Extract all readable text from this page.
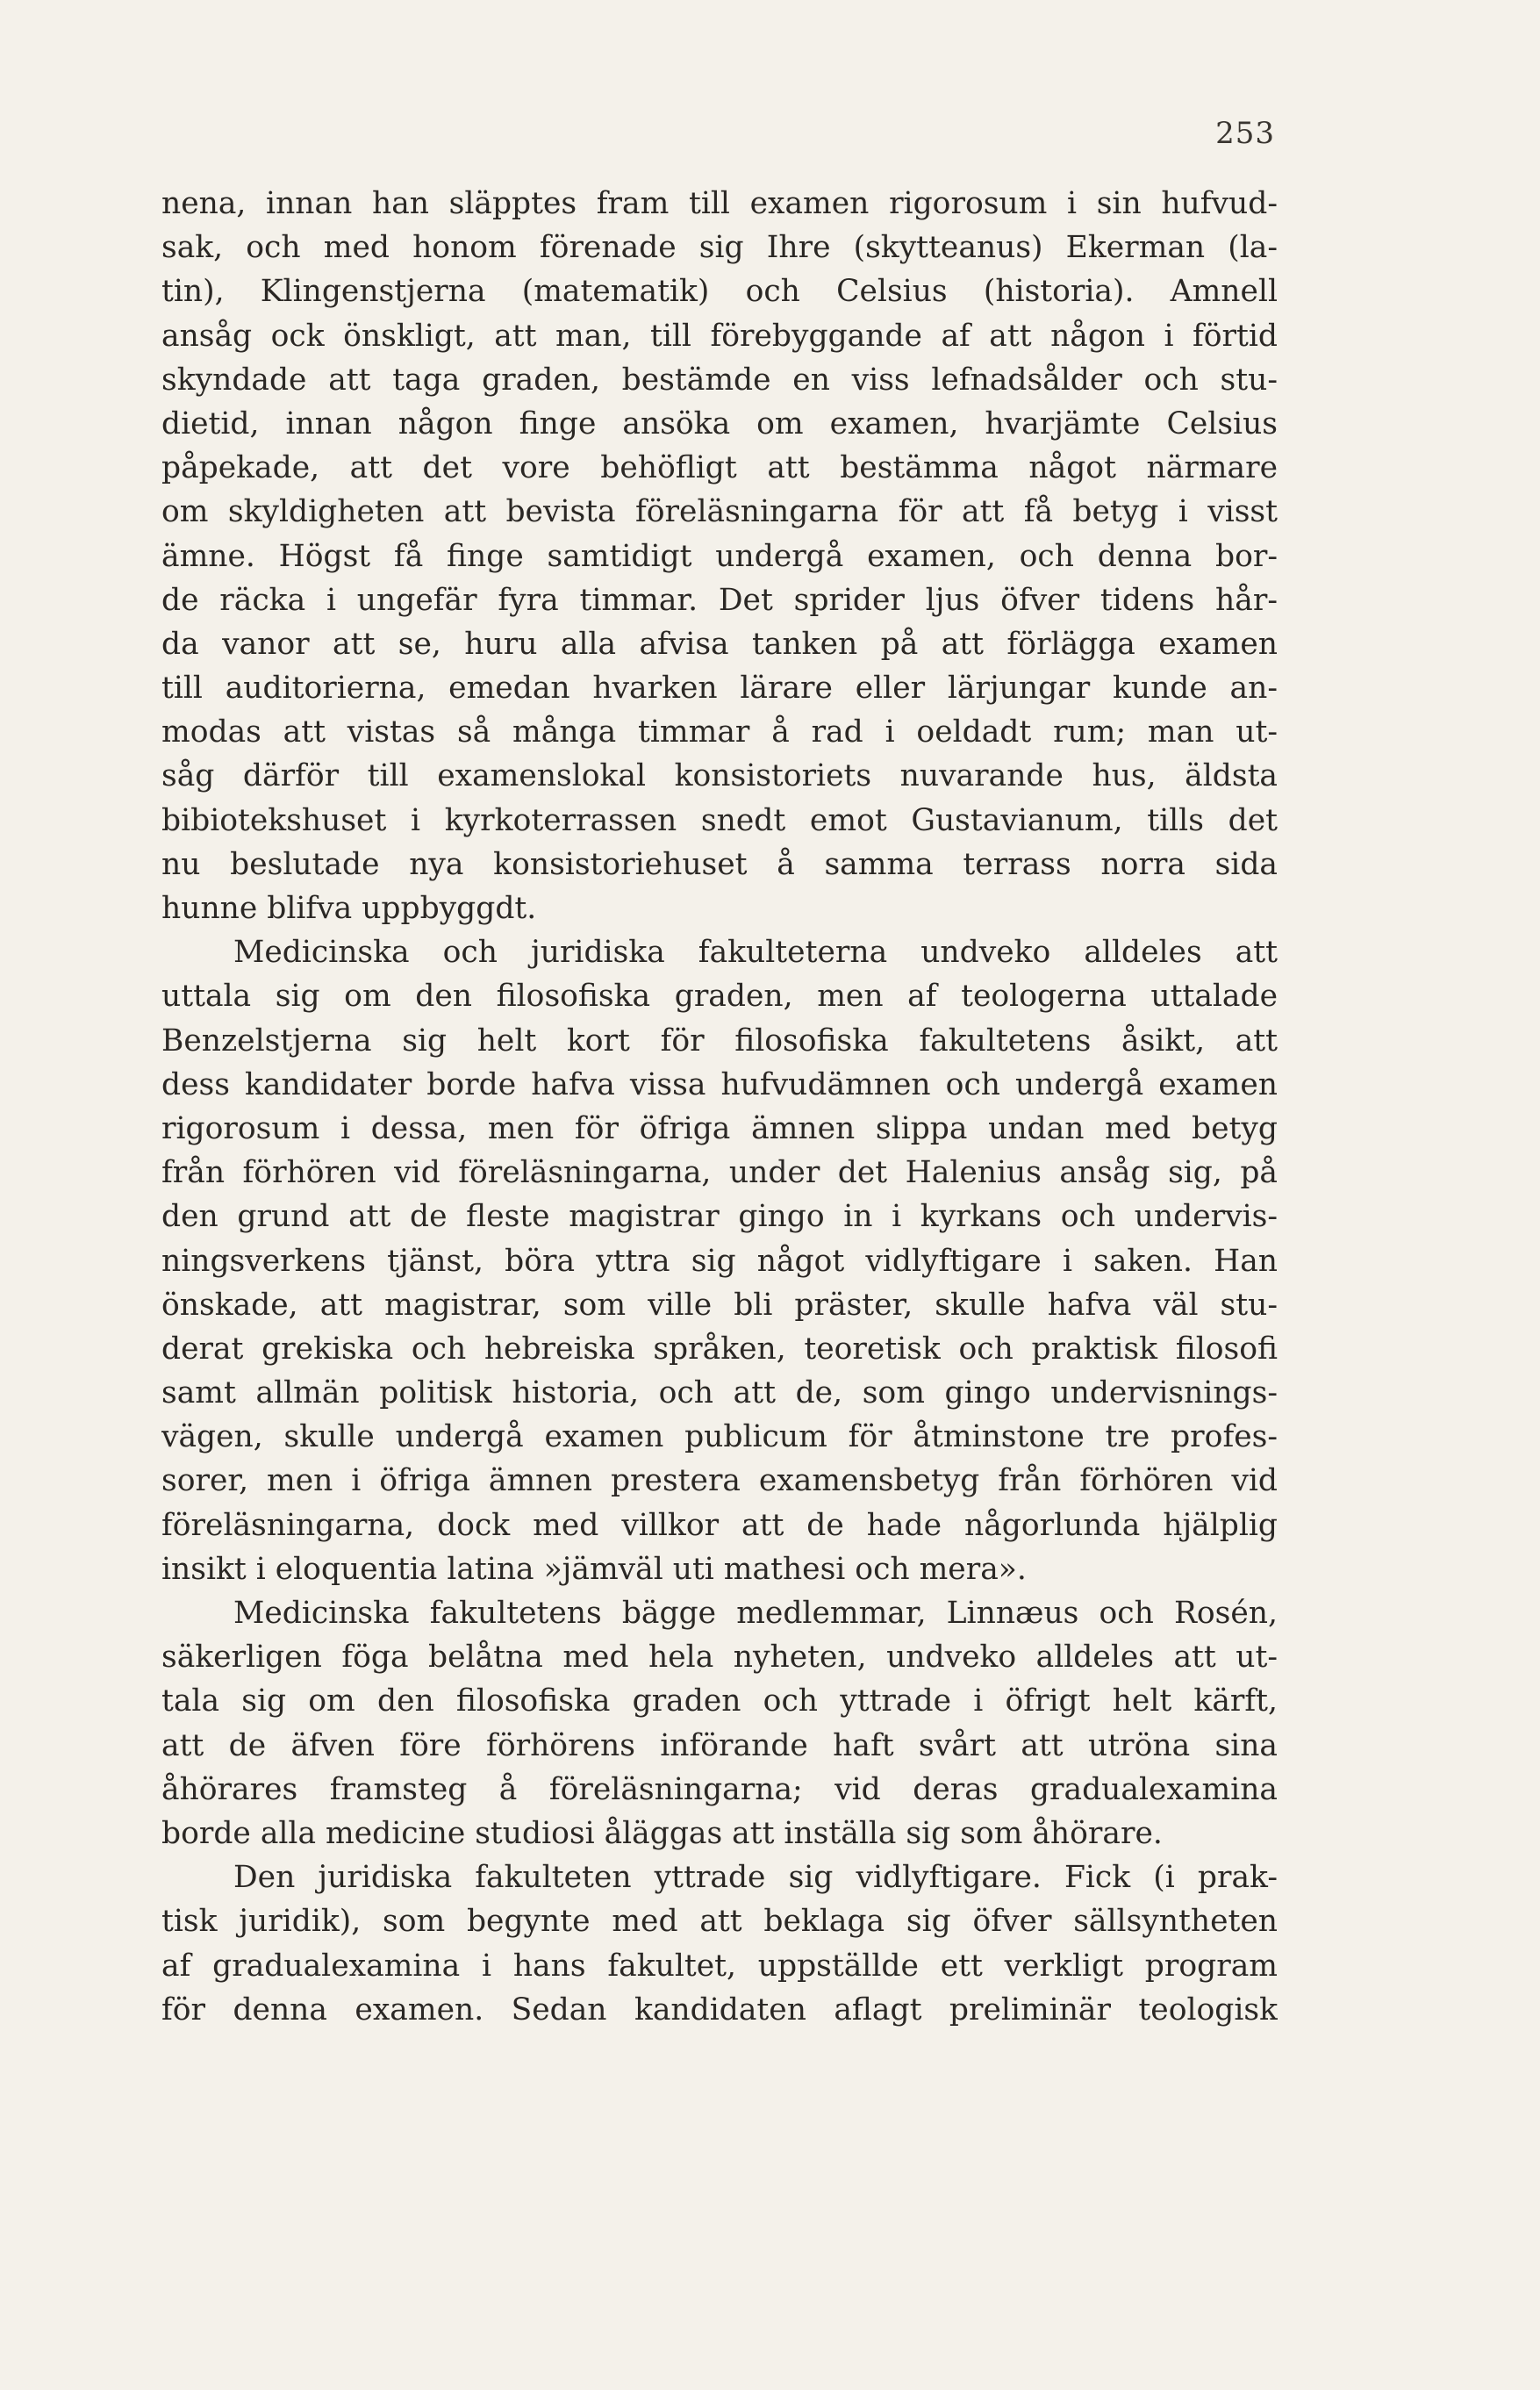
253
nena, innan han släpptes fram till examen rigorosum i sin hufvud-
sak, och med honom förenade sig Ihre (skytteanus) Ekerman (la-
tin), Klingenstjerna (matematik) och Celsius (historia). Amnell
ansåg ock önskligt, att man, till förebyggande af att någon i förtid
skyndade att taga graden, bestämde en viss lefnadsålder och stu-
dietid, innan någon finge ansöka om examen, hvarjämte Celsius
påpekade, att det vore behöfligt att bestämma något närmare
om skyldigheten att bevista föreläsningarna för att få betyg i visst
ämne. Högst få finge samtidigt undergå examen, och denna bor-
de räcka i ungefär fyra timmar. Det sprider ljus öfver tidens hår-
da vanor att se, huru alla afvisa tanken på att förlägga examen
till auditorierna, emedan hvarken lärare eller lärjungar kunde an-
modas att vistas så många timmar å rad i oeldadt rum; man ut-
såg därför till examenslokal konsistoriets nuvarande hus, äldsta
bibiotekshuset i kyrkoterrassen snedt emot Gustavianum, tills det
nu beslutade nya konsistoriehuset å samma terrass norra sida
hunne blifva uppbyggdt.
Medicinska och juridiska fakulteterna undveko alldeles att
uttala sig om den filosofiska graden, men af teologerna uttalade
Benzelstjerna sig helt kort för filosofiska fakultetens åsikt, att
dess kandidater borde hafva vissa hufvudämnen och undergå examen
rigorosum i dessa, men för öfriga ämnen slippa undan med betyg
från förhören vid föreläsningarna, under det Halenius ansåg sig, på
den grund att de fleste magistrar gingo in i kyrkans och undervis-
ningsverkens tjänst, böra yttra sig något vidlyftigare i saken. Han
önskade, att magistrar, som ville bli präster, skulle hafva väl stu-
derat grekiska och hebreiska språken, teoretisk och praktisk filosofi
samt allmän politisk historia, och att de, som gingo undervisnings-
vägen, skulle undergå examen publicum för åtminstone tre profes-
sorer, men i öfriga ämnen prestera examensbetyg från förhören vid
föreläsningarna, dock med villkor att de hade någorlunda hjälplig
insikt i eloquentia latina »jämväl uti mathesi och mera».
Medicinska fakultetens bägge medlemmar, Linnæus och Rosén,
säkerligen föga belåtna med hela nyheten, undveko alldeles att ut-
tala sig om den filosofiska graden och yttrade i öfrigt helt kärft,
att de äfven före förhörens införande haft svårt att utröna sina
åhörares framsteg å föreläsningarna; vid deras gradualexamina
borde alla medicine studiosi åläggas att inställa sig som åhörare.
Den juridiska fakulteten yttrade sig vidlyftigare. Fick (i prak-
tisk juridik), som begynte med att beklaga sig öfver sällsyntheten
af gradualexamina i hans fakultet, uppställde ett verkligt program
för denna examen. Sedan kandidaten aflagt preliminär teologisk
